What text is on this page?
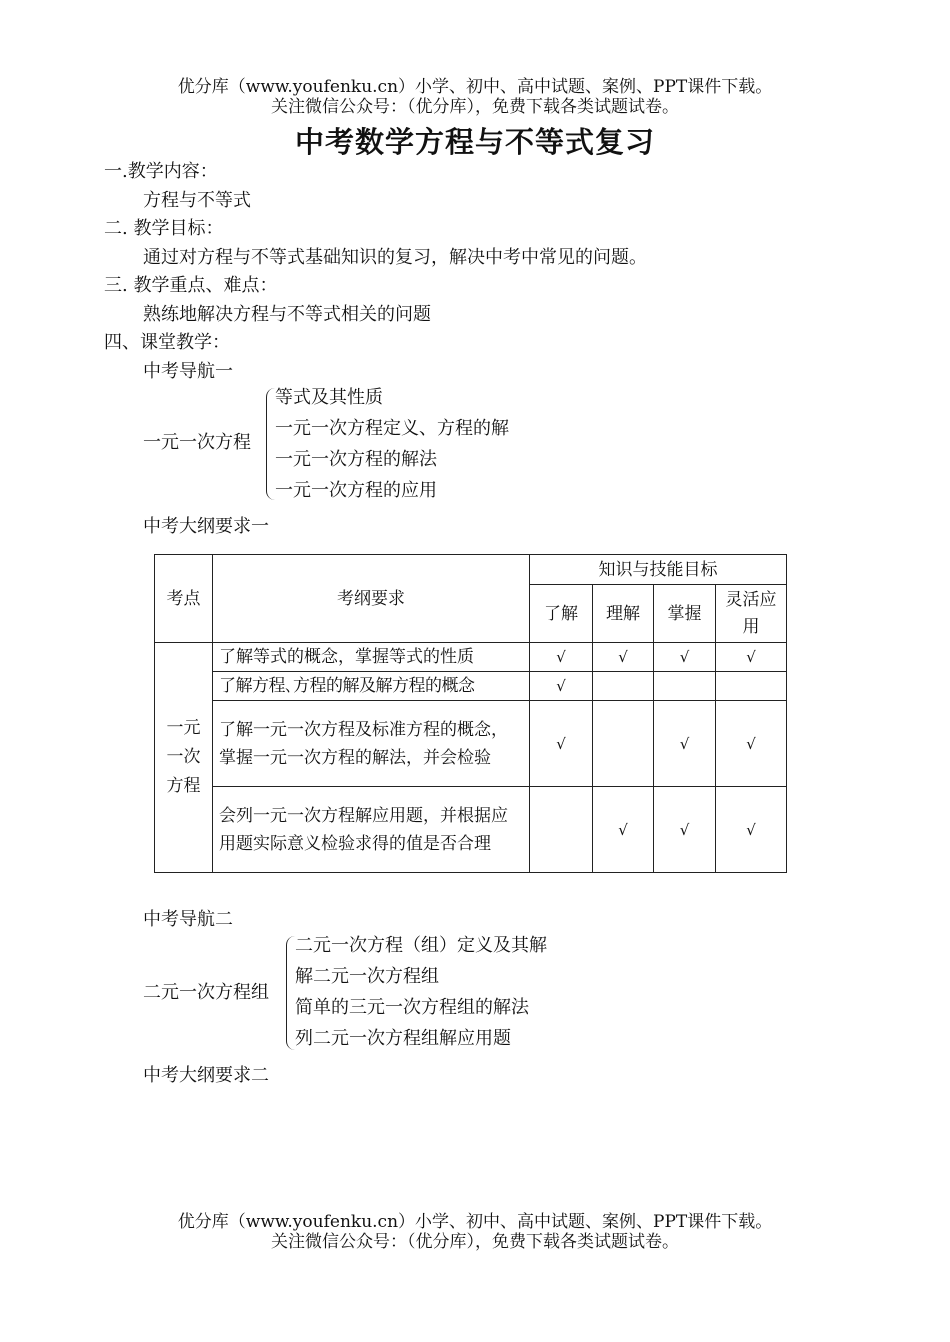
优分库（www.youfenku.cn）小学、初中、高中试题、案例、PPT课件下载。
关注微信公众号：（优分库），免费下载各类试题试卷。
中考数学方程与不等式复习
一.教学内容：
方程与不等式
二. 教学目标：
通过对方程与不等式基础知识的复习，解决中考中常见的问题。
三. 教学重点、难点：
熟练地解决方程与不等式相关的问题
四、课堂教学：
中考导航一
一元一次方程
等式及其性质
一元一次方程定义、方程的解
一元一次方程的解法
一元一次方程的应用
中考大纲要求一
考点	考纲要求	知识与技能目标			
		了解	理解	掌握	灵活应用
一元一次方程	了解等式的概念，掌握等式的性质	√	√	√	√
	了解方程､方程的解及解方程的概念	√			
	了解一元一次方程及标准方程的概念，掌握一元一次方程的解法，并会检验	√		√	√
	会列一元一次方程解应用题，并根据应用题实际意义检验求得的值是否合理		√	√	√
中考导航二
二元一次方程组
二元一次方程（组）定义及其解
解二元一次方程组
简单的三元一次方程组的解法
列二元一次方程组解应用题
中考大纲要求二
优分库（www.youfenku.cn）小学、初中、高中试题、案例、PPT课件下载。
关注微信公众号：（优分库），免费下载各类试题试卷。
